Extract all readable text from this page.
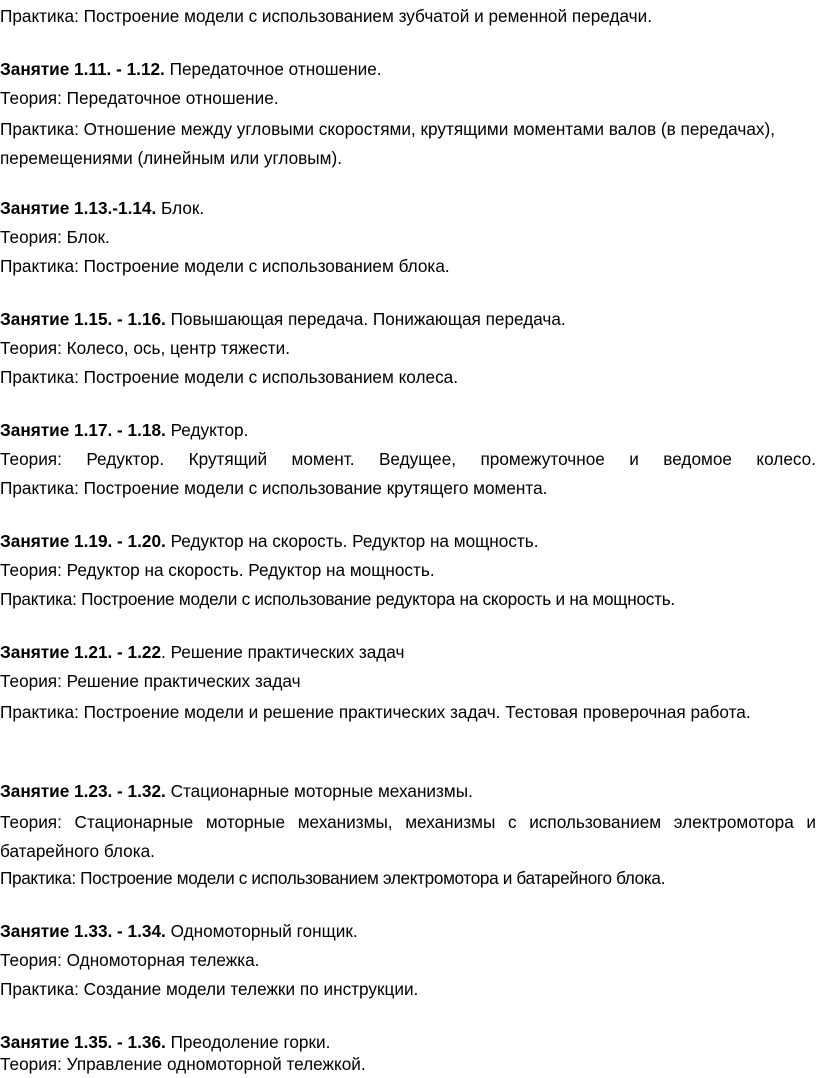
Практика: Построение модели с использованием зубчатой и ременной передачи.
Занятие 1.11. - 1.12. Передаточное отношение.
Теория: Передаточное отношение.
Практика: Отношение между угловыми скоростями, крутящими моментами валов (в передачах), перемещениями (линейным или угловым).
Занятие 1.13.-1.14. Блок.
Теория: Блок.
Практика: Построение модели с использованием блока.
Занятие 1.15. - 1.16. Повышающая передача. Понижающая передача.
Теория: Колесо, ось, центр тяжести.
Практика: Построение модели с использованием колеса.
Занятие 1.17. - 1.18. Редуктор.
Теория: Редуктор. Крутящий момент. Ведущее, промежуточное и ведомое колесо.
Практика: Построение модели с использование крутящего момента.
Занятие 1.19. - 1.20. Редуктор на скорость. Редуктор на мощность.
Теория: Редуктор на скорость. Редуктор на мощность.
Практика: Построение модели с использование редуктора на скорость и на мощность.
Занятие 1.21. - 1.22. Решение практических задач
Теория: Решение практических задач
Практика: Построение модели и решение практических задач. Тестовая проверочная работа.
Занятие 1.23. - 1.32. Стационарные моторные механизмы.
Теория: Стационарные моторные механизмы, механизмы с использованием электромотора и батарейного блока.
Практика: Построение модели с использованием электромотора и батарейного блока.
Занятие 1.33. - 1.34. Одномоторный гонщик.
Теория: Одномоторная тележка.
Практика: Создание модели тележки по инструкции.
Занятие 1.35. - 1.36. Преодоление горки.
Теория: Управление одномоторной тележкой.
